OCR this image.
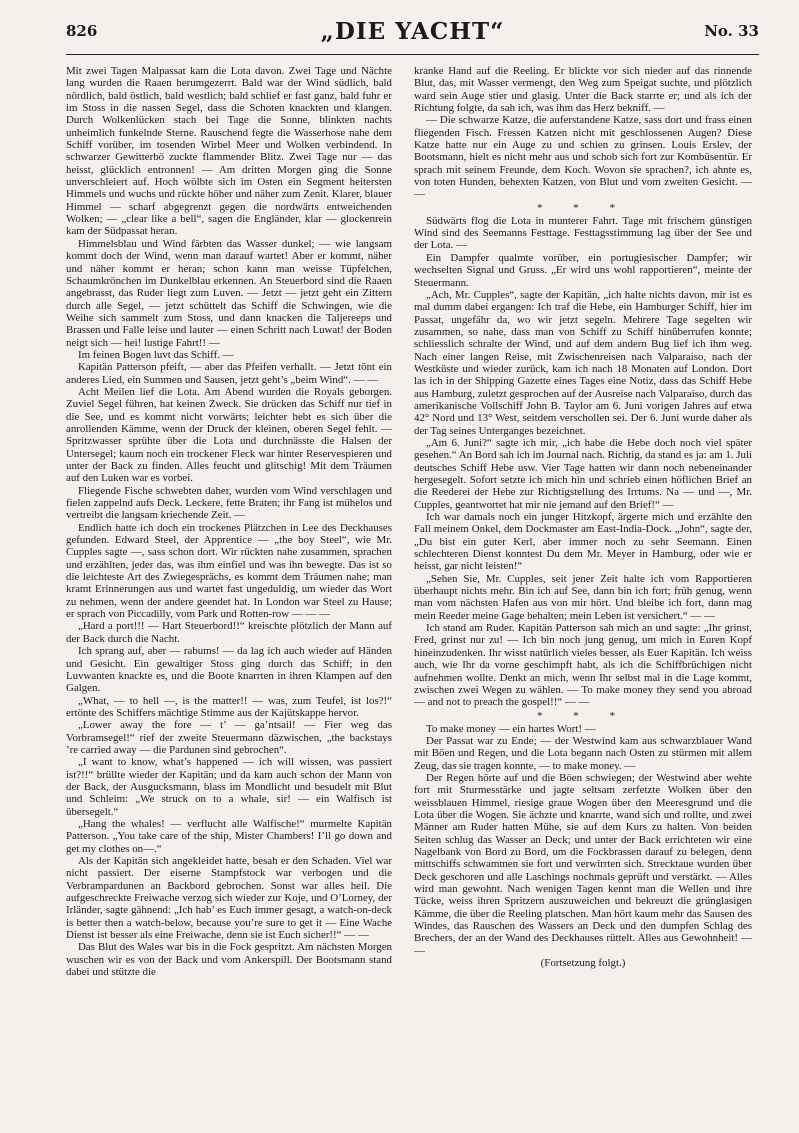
826	„DIE YACHT“	No. 33

Mit zwei Tagen Malpassat kam die Lota davon. Zwei Tage und Nächte lang wurden die Raaen herumgezerrt. Bald war der Wind südlich, bald nördlich, bald östlich, bald westlich; bald schlief er fast ganz, bald fuhr er im Stoss in die nassen Segel, dass die Schoten knackten und klangen. Durch Wolkenlücken stach bei Tage die Sonne, blinkten nachts unheimlich funkelnde Sterne. Rauschend fegte die Wasserhose nahe dem Schiff vorüber, im tosenden Wirbel Meer und Wolken verbindend. In schwarzer Gewitterbö zuckte flammender Blitz. Zwei Tage nur — das heisst, glücklich entronnen! — Am dritten Morgen ging die Sonne unverschleiert auf. Hoch wölbte sich im Osten ein Segment heitersten Himmels und wuchs und rückte höher und näher zum Zenit. Klarer, blauer Himmel — scharf abgegrenzt gegen die nordwärts entweichenden Wolken; — „clear like a bell“, sagen die Engländer, klar — glockenrein kam der Südpassat heran.

Himmelsblau und Wind färbten das Wasser dunkel; — wie langsam kommt doch der Wind, wenn man darauf wartet! Aber er kommt, näher und näher kommt er heran; schon kann man weisse Tüpfelchen, Schaumkrönchen im Dunkelblau erkennen. An Steuerbord sind die Raaen angebrasst, das Ruder liegt zum Luven. — Jetzt — jetzt geht ein Zittern durch alle Segel, — jetzt schüttelt das Schiff die Schwingen, wie die Weihe sich sammelt zum Stoss, und dann knacken die Taljereeps und Brassen und Falle leise und lauter — einen Schritt nach Luwat! der Boden neigt sich — hei! lustige Fahrt!! —

Im feinen Bogen luvt das Schiff. —

Kapitän Patterson pfeift, — aber das Pfeifen verhallt. — Jetzt tönt ein anderes Lied, ein Summen und Sausen, jetzt geht’s „beim Wind“. — —

Acht Meilen lief die Lota. Am Abend wurden die Royals geborgen. Zuviel Segel führen, hat keinen Zweck. Sie drücken das Schiff nur tief in die See, und es kommt nicht vorwärts; leichter hebt es sich über die anrollenden Kämme, wenn der Druck der kleinen, oberen Segel fehlt. — Spritzwasser sprühte über die Lota und durchnässte die Halsen der Untersegel; kaum noch ein trockener Fleck war hinter Reservespieren und unter der Back zu finden. Alles feucht und glitschig! Mit dem Träumen auf den Luken war es vorbei.

Fliegende Fische schwebten daher, wurden vom Wind verschlagen und fielen zappelnd aufs Deck. Leckere, fette Braten; ihr Fang ist mühelos und vertreibt die langsam kriechende Zeit. —

Endlich hatte ich doch ein trockenes Plätzchen in Lee des Deckhauses gefunden. Edward Steel, der Apprentice — „the boy Steel“, wie Mr. Cupples sagte —, sass schon dort. Wir rückten nahe zusammen, sprachen und erzählten, jeder das, was ihm einfiel und was ihn bewegte. Das ist so die leichteste Art des Zwiegesprächs, es kommt dem Träumen nahe; man kramt Erinnerungen aus und wartet fast ungeduldig, um wieder das Wort zu nehmen, wenn der andere geendet hat. In London war Steel zu Hause; er sprach von Piccadilly, vom Park und Rotten-row — — —

„Hard a port!!! — Hart Steuerbord!!“ kreischte plötzlich der Mann auf der Back durch die Nacht.

Ich sprang auf, aber — rabums! — da lag ich auch wieder auf Händen und Gesicht. Ein gewaltiger Stoss ging durch das Schiff; in den Luvwanten knackte es, und die Boote knarrten in ihren Klampen auf den Galgen.

„What, — to hell —, is the matter!! — was, zum Teufel, ist los?!“ ertönte des Schiffers mächtige Stimme aus der Kajütskappe hervor.

„Lower away the fore — t’ — ga’ntsail! — Fier weg das Vorbramsegel!“ rief der zweite Steuermann däzwischen, „the backstays ’re carried away — die Pardunen sind gebrochen“.

„I want to know, what’s happened — ich will wissen, was passiert ist?!!“ brüllte wieder der Kapitän; und da kam auch schon der Mann von der Back, der Ausgucksmann, blass im Mondlicht und besudelt mit Blut und Schleim: „We struck on to a whale, sir! — ein Walfisch ist übersegelt.“

„Hang the whales! — verflucht alle Walfische!“ murmelte Kapitän Patterson. „You take care of the ship, Mister Chambers! I’ll go down and get my clothes on—.“

Als der Kapitän sich angekleidet hatte, besah er den Schaden. Viel war nicht passiert. Der eiserne Stampfstock war verbogen und die Verbrampardunen an Backbord gebrochen. Sonst war alles heil. Die aufgeschreckte Freiwache verzog sich wieder zur Koje, und O’Lorney, der Irländer, sagte gähnend: „Ich hab’ es Euch immer gesagt, a watch-on-deck is better then a watch-below, because you’re sure to get it — Eine Wache Dienst ist besser als eine Freiwache, denn sie ist Euch sicher!!“ — —

Das Blut des Wales war bis in die Fock gespritzt. Am nächsten Morgen wuschen wir es von der Back und vom Ankerspill. Der Bootsmann stand dabei und stützte die

kranke Hand auf die Reeling. Er blickte vor sich nieder auf das rinnende Blut, das, mit Wasser vermengt, den Weg zum Speigat suchte, und plötzlich ward sein Auge stier und glasig. Unter die Back starrte er; und als ich der Richtung folgte, da sah ich, was ihm das Herz bekniff. —

— Die schwarze Katze, die auferstandene Katze, sass dort und frass einen fliegenden Fisch. Fressen Katzen nicht mit geschlossenen Augen? Diese Katze hatte nur ein Auge zu und schien zu grinsen. Louis Erslev, der Bootsmann, hielt es nicht mehr aus und schob sich fort zur Kombüsentür. Er sprach mit seinem Freunde, dem Koch. Wovon sie sprachen?, ich ahnte es, von toten Hunden, behexten Katzen, von Blut und vom zweiten Gesicht. — —

* * *

Südwärts flog die Lota in munterer Fahrt. Tage mit frischem günstigen Wind sind des Seemanns Festtage. Festtagsstimmung lag über der See und der Lota. —

Ein Dampfer qualmte vorüber, ein portugiesischer Dampfer; wir wechselten Signal und Gruss. „Er wird uns wohl rapportieren“, meinte der Steuermann.

„Ach, Mr. Cupples“, sagte der Kapitän, „ich halte nichts davon, mir ist es mal dumm dabei ergangen: Ich traf die Hebe, ein Hamburger Schiff, hier im Passat, ungefähr da, wo wir jetzt segeln. Mehrere Tage segelten wir zusammen, so nahe, dass man von Schiff zu Schiff hinüberrufen konnte; schliesslich schralte der Wind, und auf dem andern Bug lief ich ihm weg. Nach einer langen Reise, mit Zwischenreisen nach Valparaiso, nach der Westküste und wieder zurück, kam ich nach 18 Monaten auf London. Dort las ich in der Shipping Gazette eines Tages eine Notiz, dass das Schiff Hebe aus Hamburg, zuletzt gesprochen auf der Ausreise nach Valparaiso, durch das amerikanische Vollschiff John B. Taylor am 6. Juni vorigen Jahres auf etwa 42° Nord und 13° West, seitdem verschollen sei. Der 6. Juni wurde daher als der Tag seines Unterganges bezeichnet.

„Am 6. Juni?“ sagte ich mir, „ich habe die Hebe doch noch viel später gesehen.“ An Bord sah ich im Journal nach. Richtig, da stand es ja: am 1. Juli deutsches Schiff Hebe usw. Vier Tage hatten wir dann noch nebeneinander hergesegelt. Sofort setzte ich mich hin und schrieb einen höflichen Brief an die Reederei der Hebe zur Richtigstellung des Irrtums. Na — und —, Mr. Cupples, geantwortet hat mir nie jemand auf den Brief!“ —

Ich war damals noch ein junger Hitzkopf, ärgerte mich und erzählte den Fall meinem Onkel, dem Dockmaster am East-India-Dock. „John“, sagte der, „Du bist ein guter Kerl, aber immer noch zu sehr Seemann. Einen schlechteren Dienst konntest Du dem Mr. Meyer in Hamburg, oder wie er heisst, gar nicht leisten!“

„Sehen Sie, Mr. Cupples, seit jener Zeit halte ich vom Rapportieren überhaupt nichts mehr. Bin ich auf See, dann bin ich fort; früh genug, wenn man vom nächsten Hafen aus von mir hört. Und bleibe ich fort, dann mag mein Reeder meine Gage behalten; mein Leben ist versichert.“ — —

Ich stand am Ruder. Kapitän Patterson sah mich an und sagte: „Ihr grinst, Fred, grinst nur zu! — Ich bin noch jung genug, um mich in Euren Kopf hineinzudenken. Ihr wisst natürlich vieles besser, als Euer Kapitän. Ich weiss auch, wie Ihr da vorne geschimpft habt, als ich die Schiffbrüchigen nicht aufnehmen wollte. Denkt an mich, wenn Ihr selbst mal in die Lage kommt, zwischen zwei Wegen zu wählen. — To make money they send you abroad — and not to preach the gospel!!“ — —

* * *

To make money — ein hartes Wort! —

Der Passat war zu Ende; — der Westwind kam aus schwarzblauer Wand mit Böen und Regen, und die Lota begann nach Osten zu stürmen mit allem Zeug, das sie tragen konnte, — to make money. —

Der Regen hörte auf und die Böen schwiegen; der Westwind aber wehte fort mit Sturmesstärke und jagte seltsam zerfetzte Wolken über den weissblauen Himmel, riesige graue Wogen über den Meeresgrund und die Lota über die Wogen. Sie ächzte und knarrte, wand sich und rollte, und zwei Männer am Ruder hatten Mühe, sie auf dem Kurs zu halten. Von beiden Seiten schlug das Wasser an Deck; und unter der Back errichteten wir eine Nagelbank von Bord zu Bord, um die Fockbrassen darauf zu belegen, denn mittschiffs schwammen sie fort und verwirrten sich. Strecktaue wurden über Deck geschoren und alle Laschings nochmals geprüft und verstärkt. — Alles wird man gewohnt. Nach wenigen Tagen kennt man die Wellen und ihre Tücke, weiss ihren Spritzern auszuweichen und bekreuzt die grünglasigen Kämme, die über die Reeling platschen. Man hört kaum mehr das Sausen des Windes, das Rauschen des Wassers an Deck und den dumpfen Schlag des Brechers, der an der Wand des Deckhauses rüttelt. Alles aus Gewohnheit! — —

(Fortsetzung folgt.)
